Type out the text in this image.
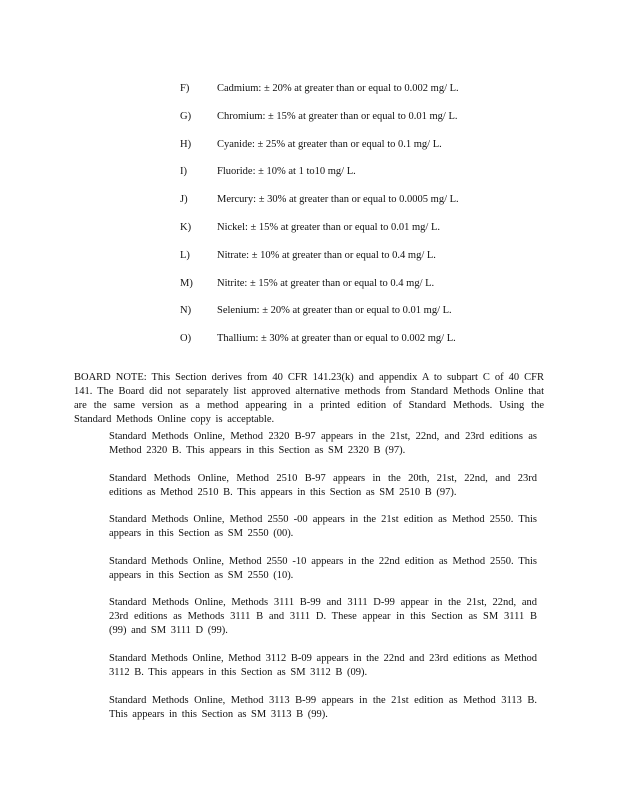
F)	Cadmium: ± 20% at greater than or equal to 0.002 mg/ L.
G)	Chromium: ± 15% at greater than or equal to 0.01 mg/ L.
H)	Cyanide: ± 25% at greater than or equal to 0.1 mg/ L.
I)	Fluoride: ± 10% at 1 to10 mg/ L.
J)	Mercury: ± 30% at greater than or equal to 0.0005 mg/ L.
K)	Nickel: ± 15% at greater than or equal to 0.01 mg/ L.
L)	Nitrate: ± 10% at greater than or equal to 0.4 mg/ L.
M)	Nitrite: ± 15% at greater than or equal to 0.4 mg/ L.
N)	Selenium: ± 20% at greater than or equal to 0.01 mg/ L.
O)	Thallium: ± 30% at greater than or equal to 0.002 mg/ L.

BOARD NOTE: This Section derives from 40 CFR 141.23(k) and appendix A to subpart C of 40 CFR 141. The Board did not separately list approved alternative methods from Standard Methods Online that are the same version as a method appearing in a printed edition of Standard Methods. Using the Standard Methods Online copy is acceptable.

Standard Methods Online, Method 2320 B-97 appears in the 21st, 22nd, and 23rd editions as Method 2320 B. This appears in this Section as SM 2320 B (97).

Standard Methods Online, Method 2510 B-97 appears in the 20th, 21st, 22nd, and 23rd editions as Method 2510 B. This appears in this Section as SM 2510 B (97).

Standard Methods Online, Method 2550 -00 appears in the 21st edition as Method 2550. This appears in this Section as SM 2550 (00).

Standard Methods Online, Method 2550 -10 appears in the 22nd edition as Method 2550. This appears in this Section as SM 2550 (10).

Standard Methods Online, Methods 3111 B-99 and 3111 D-99 appear in the 21st, 22nd, and 23rd editions as Methods 3111 B and 3111 D. These appear in this Section as SM 3111 B (99) and SM 3111 D (99).

Standard Methods Online, Method 3112 B-09 appears in the 22nd and 23rd editions as Method 3112 B. This appears in this Section as SM 3112 B (09).

Standard Methods Online, Method 3113 B-99 appears in the 21st edition as Method 3113 B. This appears in this Section as SM 3113 B (99).
